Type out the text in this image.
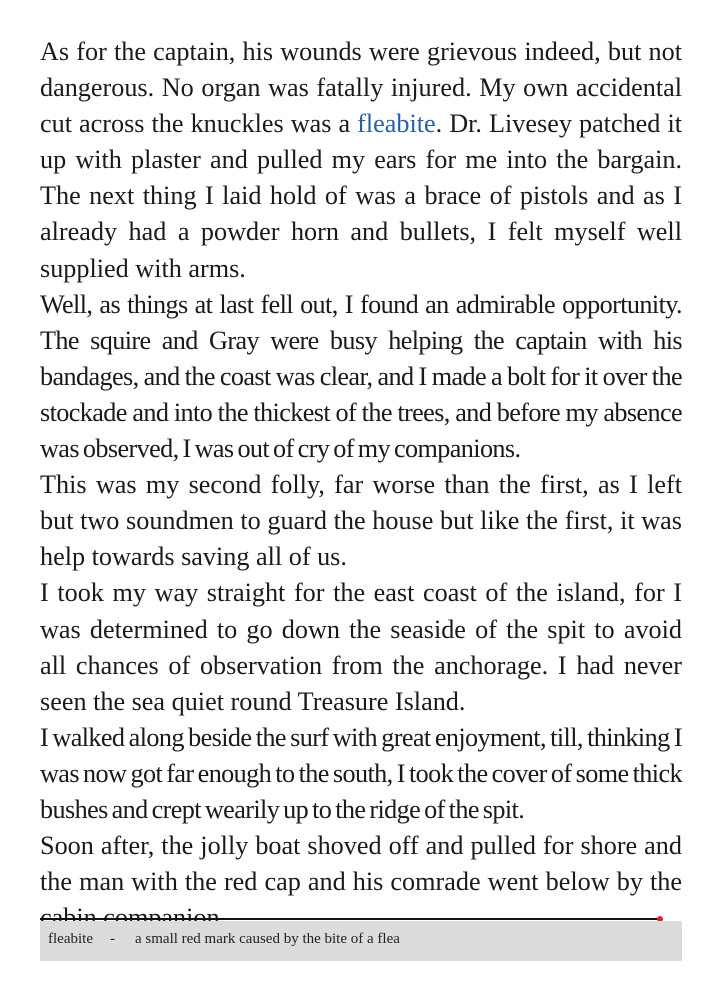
As for the captain, his wounds were grievous indeed, but not dangerous. No organ was fatally injured. My own accidental cut across the knuckles was a fleabite. Dr. Livesey patched it up with plaster and pulled my ears for me into the bargain. The next thing I laid hold of was a brace of pistols and as I already had a powder horn and bullets, I felt myself well supplied with arms.

Well, as things at last fell out, I found an admirable opportunity. The squire and Gray were busy helping the captain with his bandages, and the coast was clear, and I made a bolt for it over the stockade and into the thickest of the trees, and before my absence was observed, I was out of cry of my companions.

This was my second folly, far worse than the first, as I left but two soundmen to guard the house but like the first, it was help towards saving all of us.

I took my way straight for the east coast of the island, for I was determined to go down the seaside of the spit to avoid all chances of observation from the anchorage. I had never seen the sea quiet round Treasure Island.

I walked along beside the surf with great enjoyment, till, thinking I was now got far enough to the south, I took the cover of some thick bushes and crept wearily up to the ridge of the spit.

Soon after, the jolly boat shoved off and pulled for shore and the man with the red cap and his comrade went below by the

fleabite - a small red mark caused by the bite of a flea
